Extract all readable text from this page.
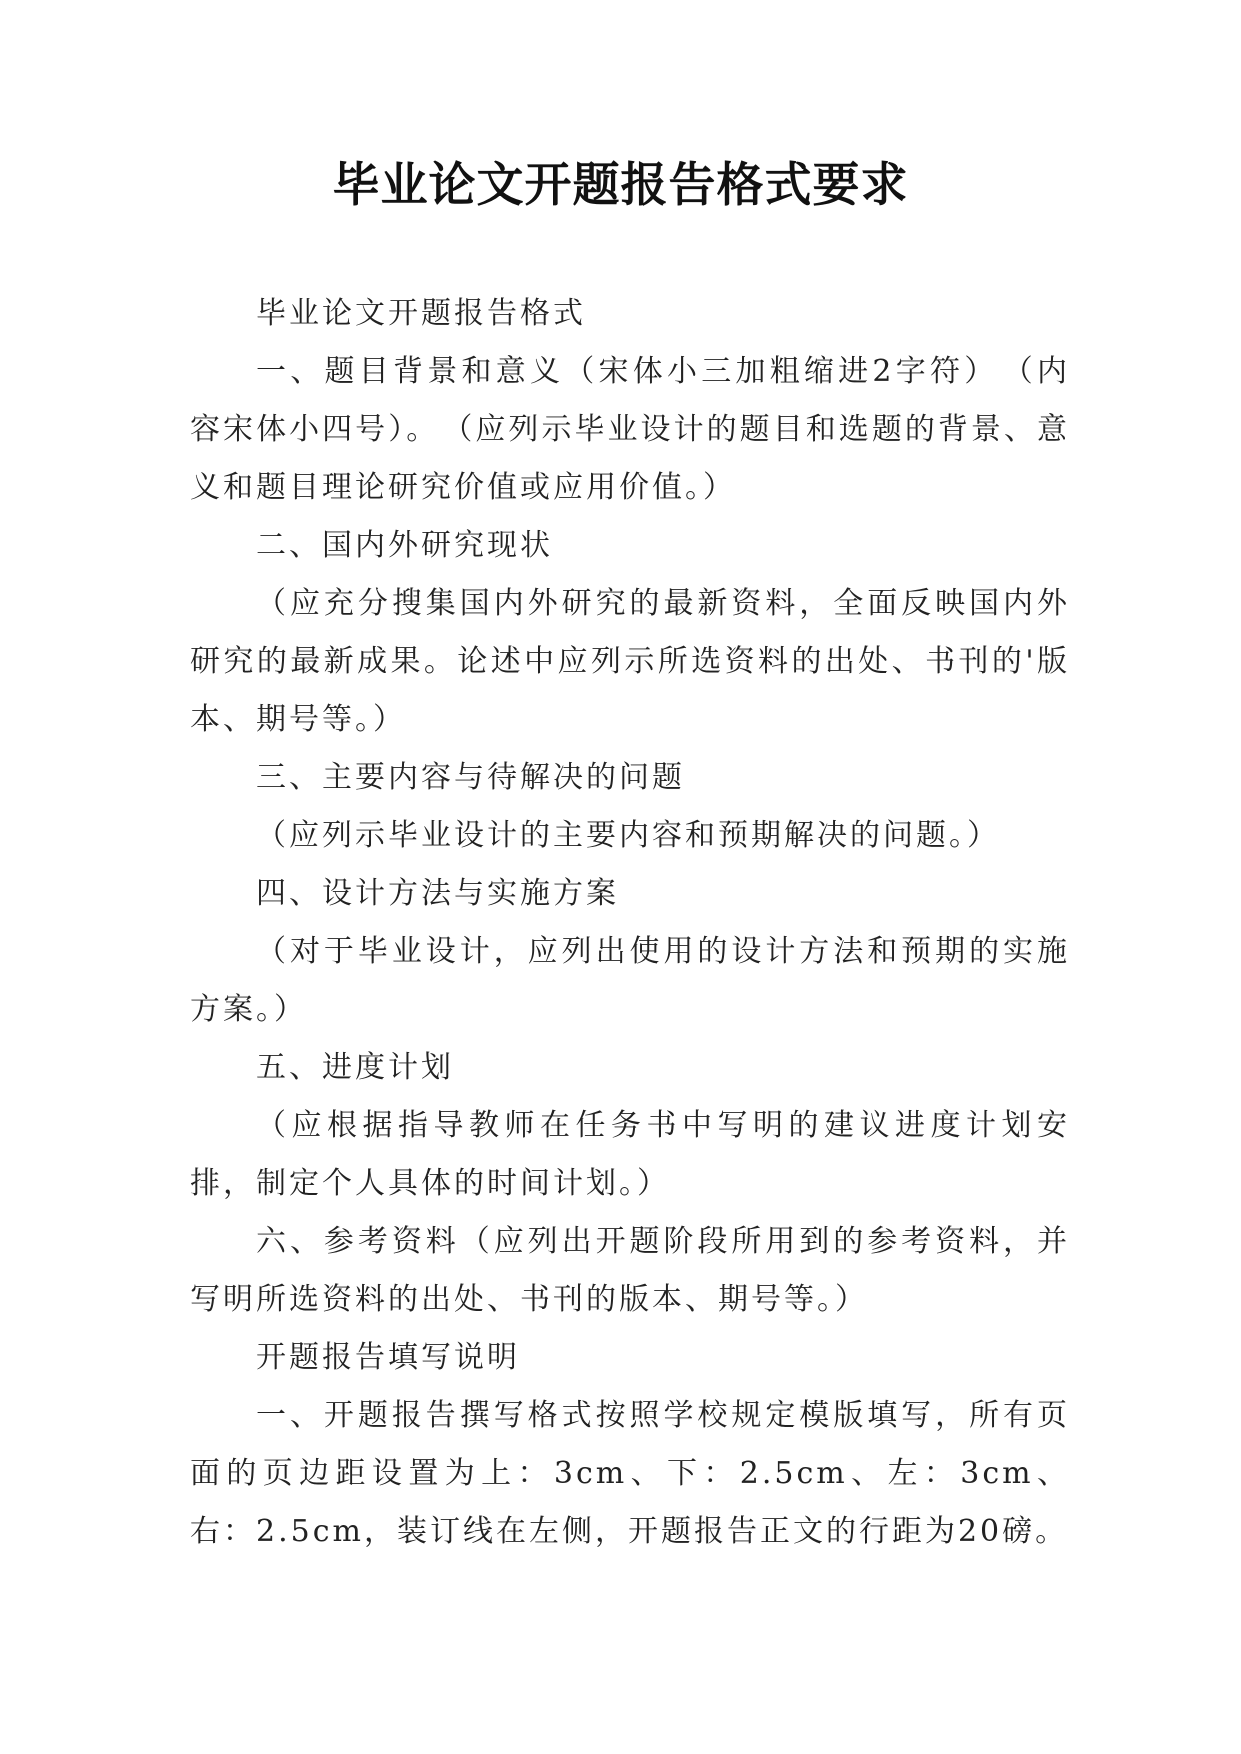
毕业论文开题报告格式要求

毕业论文开题报告格式

一、题目背景和意义（宋体小三加粗缩进2字符）　（内容宋体小四号）。　（应列示毕业设计的题目和选题的背景、意义和题目理论研究价值或应用价值。）

二、国内外研究现状

（应充分搜集国内外研究的最新资料，全面反映国内外研究的最新成果。论述中应列示所选资料的出处、书刊的'版本、期号等。）

三、主要内容与待解决的问题

（应列示毕业设计的主要内容和预期解决的问题。）

四、设计方法与实施方案

（对于毕业设计，应列出使用的设计方法和预期的实施方案。）

五、进度计划

（应根据指导教师在任务书中写明的建议进度计划安排，制定个人具体的时间计划。）

六、参考资料（应列出开题阶段所用到的参考资料，并写明所选资料的出处、书刊的版本、期号等。）

开题报告填写说明

一、开题报告撰写格式按照学校规定模版填写，所有页面的页边距设置为上：3cm、下：2.5cm、左：3cm、右：2.5cm，装订线在左侧，开题报告正文的行距为20磅。
